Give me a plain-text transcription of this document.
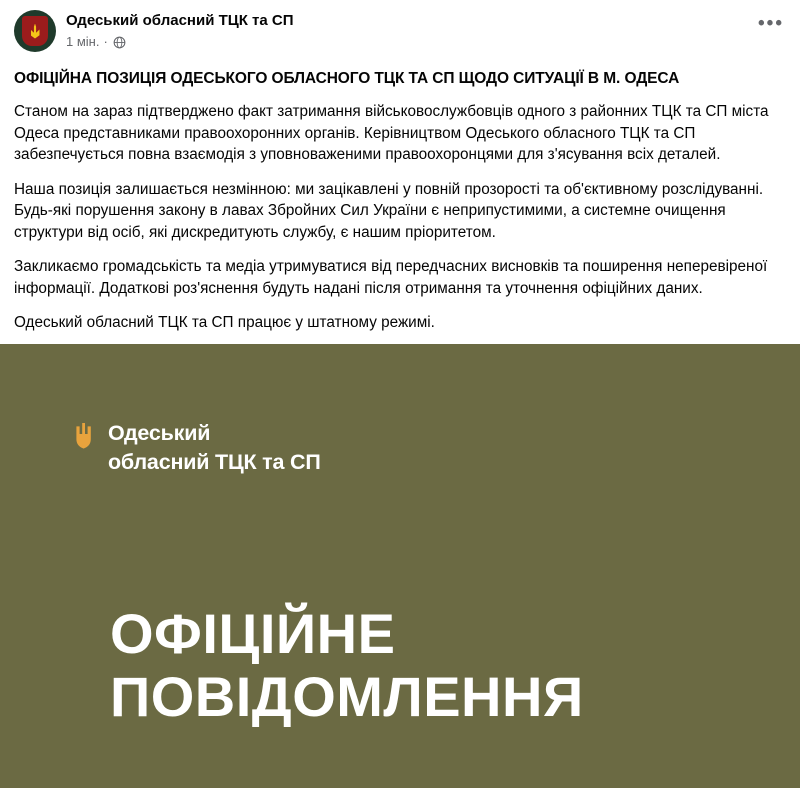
Одеський обласний ТЦК та СП
1 мін. ·
•••
ОФІЦІЙНА ПОЗИЦІЯ ОДЕСЬКОГО ОБЛАСНОГО ТЦК ТА СП ЩОДО СИТУАЦІЇ В М. ОДЕСА

Станом на зараз підтверджено факт затримання військовослужбовців одного з районних ТЦК та СП міста Одеса представниками правоохоронних органів. Керівництвом Одеського обласного ТЦК та СП забезпечується повна взаємодія з уповноваженими правоохоронцями для з'ясування всіх деталей.

Наша позиція залишається незмінною: ми зацікавлені у повній прозорості та об'єктивному розслідуванні. Будь-які порушення закону в лавах Збройних Сил України є неприпустимими, а системне очищення структури від осіб, які дискредитують службу, є нашим пріоритетом.

Закликаємо громадськість та медіа утримуватися від передчасних висновків та поширення неперевіреної інформації. Додаткові роз'яснення будуть надані після отримання та уточнення офіційних даних.

Одеський обласний ТЦК та СП працює у штатному режимі.

Одеський
обласний ТЦК та СП
ОФІЦІЙНЕ
ПОВІДОМЛЕННЯ
